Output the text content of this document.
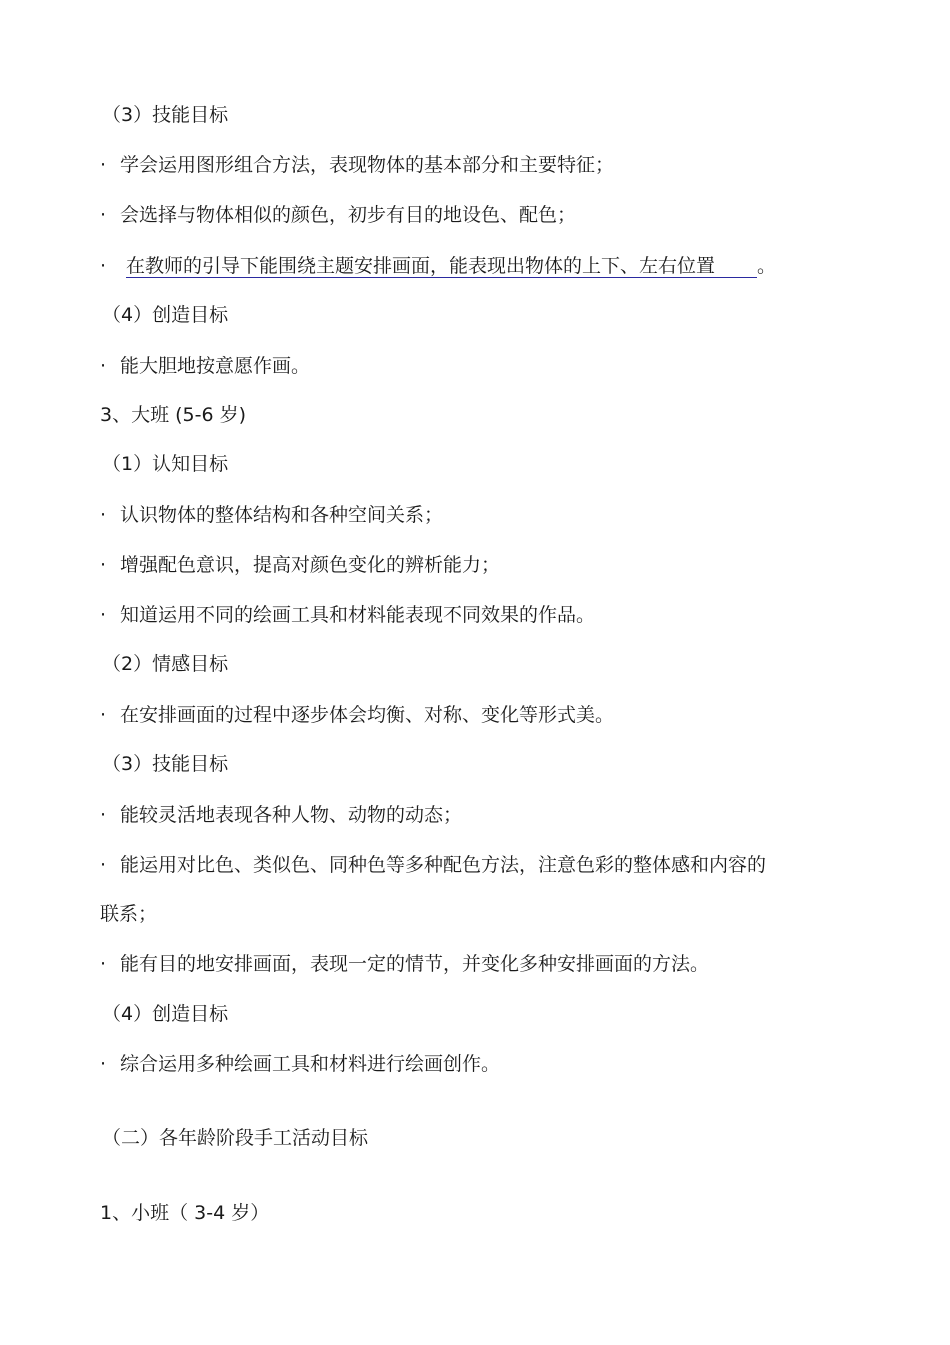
（3）技能目标
· 学会运用图形组合方法，表现物体的基本部分和主要特征；
· 会选择与物体相似的颜色，初步有目的地设色、配色；
· 在教师的引导下能围绕主题安排画面，能表现出物体的上下、左右位置 。
（4）创造目标
· 能大胆地按意愿作画。
3、大班 (5-6 岁)
（1）认知目标
· 认识物体的整体结构和各种空间关系；
· 增强配色意识，提高对颜色变化的辨析能力；
· 知道运用不同的绘画工具和材料能表现不同效果的作品。
（2）情感目标
· 在安排画面的过程中逐步体会均衡、对称、变化等形式美。
（3）技能目标
· 能较灵活地表现各种人物、动物的动态；
· 能运用对比色、类似色、同种色等多种配色方法，注意色彩的整体感和内容的
联系；
· 能有目的地安排画面，表现一定的情节，并变化多种安排画面的方法。
（4）创造目标
· 综合运用多种绘画工具和材料进行绘画创作。
（二）各年龄阶段手工活动目标
1、小班（ 3-4 岁）
